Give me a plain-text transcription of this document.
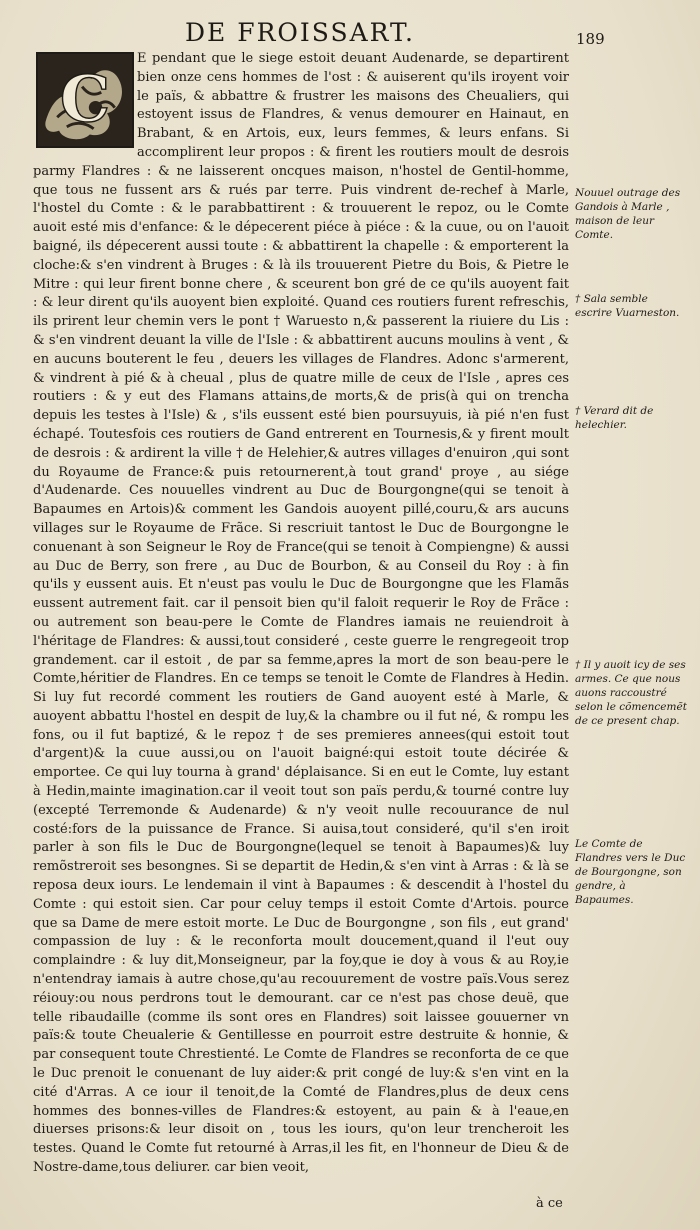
DE FROISSART.	189
C

E pendant que le siege estoit deuant Audenarde, se departirent bien onze cens hommes de l'ost : & auiserent qu'ils iroyent voir le païs, & abbattre & frustrer les maisons des Cheualiers, qui estoyent issus de Flandres, & venus demourer en Hainaut, en Brabant, & en Artois, eux, leurs femmes, & leurs enfans. Si accomplirent leur propos : & firent les routiers moult de desrois parmy Flandres : & ne laisserent oncques maison, n'hostel de Gentil-homme, que tous ne fussent ars & rués par terre. Puis vindrent de-rechef à Marle, l'hostel du Comte : & le parabbattirent : & trouuerent le repoz, ou le Comte auoit esté mis d'enfance: & le dépecerent piéce à piéce : & la cuue, ou on l'auoit baigné, ils dépecerent aussi toute : & abbattirent la chapelle : & emporterent la cloche:& s'en vindrent à Bruges : & là ils trouuerent Pietre du Bois, & Pietre le Mitre : qui leur firent bonne chere , & sceurent bon gré de ce qu'ils auoyent fait : & leur dirent qu'ils auoyent bien exploité. Quand ces routiers furent refreschis, ils prirent leur chemin vers le pont † Waruesto n,& passerent la riuiere du Lis : & s'en vindrent deuant la ville de l'Isle : & abbattirent aucuns moulins à vent , & en aucuns bouterent le feu , deuers les villages de Flandres. Adonc s'armerent, & vindrent à pié & à cheual , plus de quatre mille de ceux de l'Isle , apres ces routiers : & y eut des Flamans attains,de morts,& de pris(à qui on trencha depuis les testes à l'Isle) & , s'ils eussent esté bien poursuyuis, ià pié n'en fust échapé. Toutesfois ces routiers de Gand entrerent en Tournesis,& y firent moult de desrois : & ardirent la ville † de Helehier,& autres villages d'enuiron ,qui sont du Royaume de France:& puis retournerent,à tout grand' proye , au siége d'Audenarde. Ces nouuelles vindrent au Duc de Bourgongne(qui se tenoit à Bapaumes en Artois)& comment les Gandois auoyent pillé,couru,& ars aucuns villages sur le Royaume de Frãce. Si rescriuit tantost le Duc de Bourgongne le conuenant à son Seigneur le Roy de France(qui se tenoit à Compiengne) & aussi au Duc de Berry, son frere , au Duc de Bourbon, & au Conseil du Roy : à fin qu'ils y eussent auis. Et n'eust pas voulu le Duc de Bourgongne que les Flamãs eussent autrement fait. car il pensoit bien qu'il faloit requerir le Roy de Frãce : ou autrement son beau-pere le Comte de Flandres iamais ne reuiendroit à l'héritage de Flandres: & aussi,tout consideré , ceste guerre le rengregeoit trop grandement. car il estoit , de par sa femme,apres la mort de son beau-pere le Comte,héritier de Flandres. En ce temps se tenoit le Comte de Flandres à Hedin. Si luy fut recordé comment les routiers de Gand auoyent esté à Marle, & auoyent abbattu l'hostel en despit de luy,& la chambre ou il fut né, & rompu les fons, ou il fut baptizé, & le repoz † de ses premieres annees(qui estoit tout d'argent)& la cuue aussi,ou on l'auoit baigné:qui estoit toute décirée & emportee. Ce qui luy tourna à grand' déplaisance. Si en eut le Comte, luy estant à Hedin,mainte imagination.car il veoit tout son païs perdu,& tourné contre luy (excepté Terremonde & Audenarde) & n'y veoit nulle recouurance de nul costé:fors de la puissance de France. Si auisa,tout consideré, qu'il s'en iroit parler à son fils le Duc de Bourgongne(lequel se tenoit à Bapaumes)& luy remõstreroit ses besongnes. Si se departit de Hedin,& s'en vint à Arras : & là se reposa deux iours. Le lendemain il vint à Bapaumes : & descendit à l'hostel du Comte : qui estoit sien. Car pour celuy temps il estoit Comte d'Artois. pource que sa Dame de mere estoit morte. Le Duc de Bourgongne , son fils , eut grand' compassion de luy : & le reconforta moult doucement,quand il l'eut ouy complaindre : & luy dit,Monseigneur, par la foy,que ie doy à vous & au Roy,ie n'entendray iamais à autre chose,qu'au recouurement de vostre païs.Vous serez réiouy:ou nous perdrons tout le demourant. car ce n'est pas chose deuë, que telle ribaudaille (comme ils sont ores en Flandres) soit laissee gouuerner vn païs:& toute Cheualerie & Gentillesse en pourroit estre destruite & honnie, & par consequent toute Chrestienté. Le Comte de Flandres se reconforta de ce que le Duc prenoit le conuenant de luy aider:& prit congé de luy:& s'en vint en la cité d'Arras. A ce iour il tenoit,de la Comté de Flandres,plus de deux cens hommes des bonnes-villes de Flandres:& estoyent, au pain & à l'eaue,en diuerses prisons:& leur disoit on , tous les iours, qu'on leur trencheroit les testes. Quand le Comte fut retourné à Arras,il les fit, en l'honneur de Dieu & de Nostre-dame,tous deliurer. car bien veoit,

à ce
Nouuel outrage des Gandois à Marle , maison de leur Comte.
† Sala semble escrire Vuarneston.
† Verard dit de helechier.
† Il y auoit icy de ses armes. Ce que nous auons raccoustré selon le cõmencemẽt de ce present chap.
Le Comte de Flandres vers le Duc de Bourgongne, son gendre, à Bapaumes.
